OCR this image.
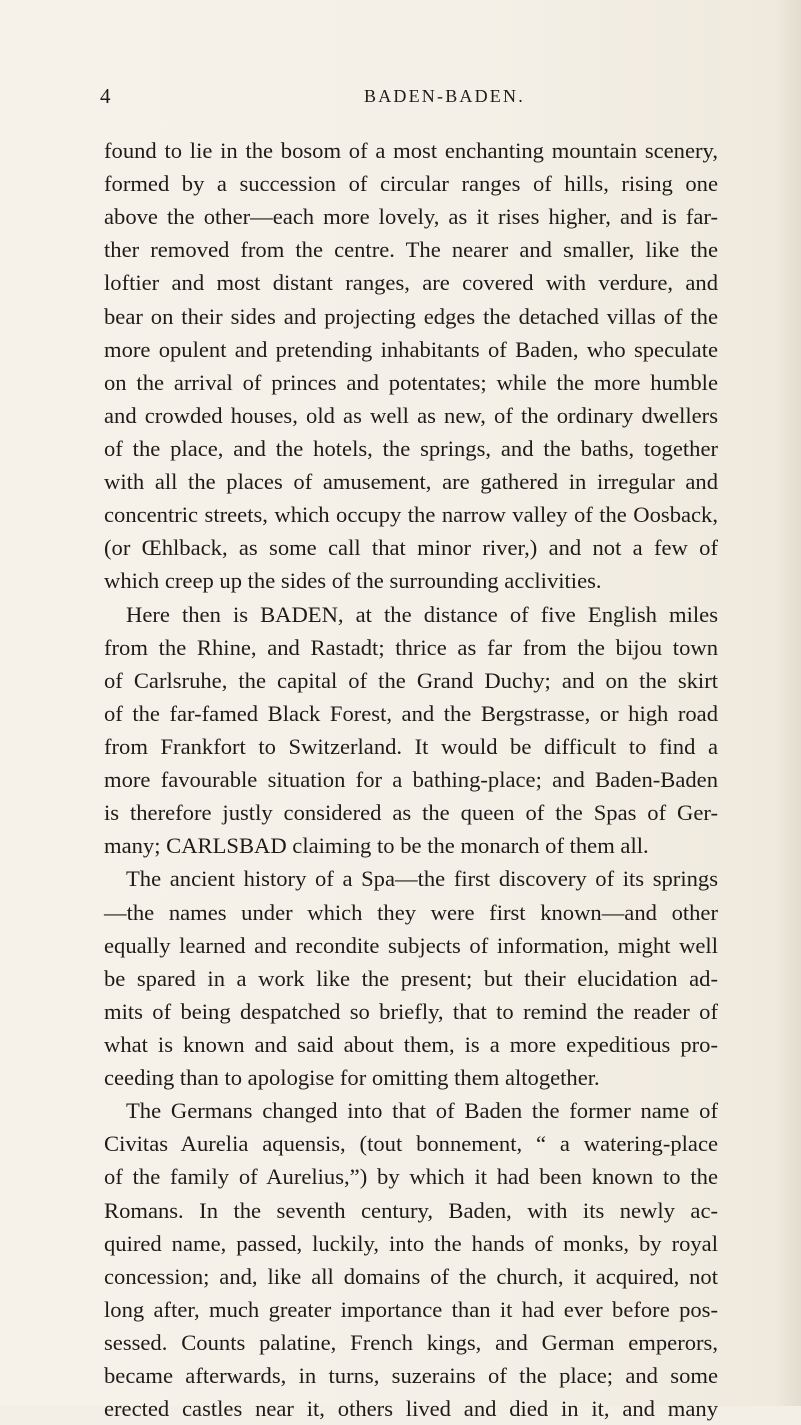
4	BADEN-BADEN.
found to lie in the bosom of a most enchanting mountain scenery,
formed by a succession of circular ranges of hills, rising one
above the other—each more lovely, as it rises higher, and is far-
ther removed from the centre. The nearer and smaller, like the
loftier and most distant ranges, are covered with verdure, and
bear on their sides and projecting edges the detached villas of the
more opulent and pretending inhabitants of Baden, who speculate
on the arrival of princes and potentates; while the more humble
and crowded houses, old as well as new, of the ordinary dwellers
of the place, and the hotels, the springs, and the baths, together
with all the places of amusement, are gathered in irregular and
concentric streets, which occupy the narrow valley of the Oosback,
(or Œhlback, as some call that minor river,) and not a few of
which creep up the sides of the surrounding acclivities.
Here then is BADEN, at the distance of five English miles
from the Rhine, and Rastadt; thrice as far from the bijou town
of Carlsruhe, the capital of the Grand Duchy; and on the skirt
of the far-famed Black Forest, and the Bergstrasse, or high road
from Frankfort to Switzerland. It would be difficult to find a
more favourable situation for a bathing-place; and Baden-Baden
is therefore justly considered as the queen of the Spas of Ger-
many; CARLSBAD claiming to be the monarch of them all.
The ancient history of a Spa—the first discovery of its springs
—the names under which they were first known—and other
equally learned and recondite subjects of information, might well
be spared in a work like the present; but their elucidation ad-
mits of being despatched so briefly, that to remind the reader of
what is known and said about them, is a more expeditious pro-
ceeding than to apologise for omitting them altogether.
The Germans changed into that of Baden the former name of
Civitas Aurelia aquensis, (tout bonnement, “ a watering-place
of the family of Aurelius,”) by which it had been known to the
Romans. In the seventh century, Baden, with its newly ac-
quired name, passed, luckily, into the hands of monks, by royal
concession; and, like all domains of the church, it acquired, not
long after, much greater importance than it had ever before pos-
sessed. Counts palatine, French kings, and German emperors,
became afterwards, in turns, suzerains of the place; and some
erected castles near it, others lived and died in it, and many
